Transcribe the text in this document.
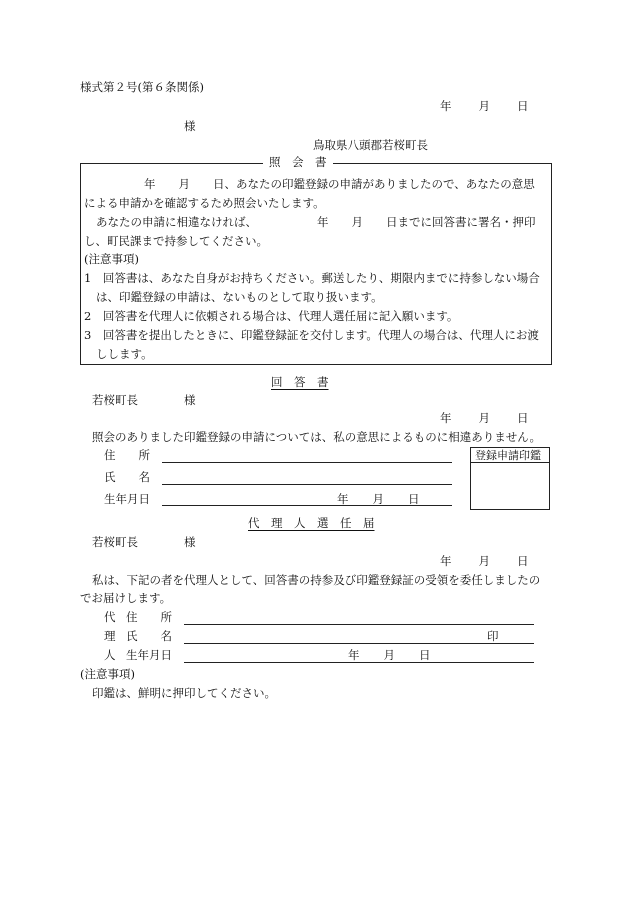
様式第２号(第６条関係)
年 月 日
様
鳥取県八頭郡若桜町長
照　会　書
年　　月　　日、あなたの印鑑登録の申請がありましたので、あなたの意思
による申請かを確認するため照会いたします。
あなたの申請に相違なければ、	年　　月　　日までに回答書に署名・押印
し、町民課まで持参してください。
(注意事項)
1　回答書は、あなた自身がお持ちください。郵送したり、期限内までに持参しない場合
は、印鑑登録の申請は、ないものとして取り扱います。
2　回答書を代理人に依頼される場合は、代理人選任届に記入願います。
3　回答書を提出したときに、印鑑登録証を交付します。代理人の場合は、代理人にお渡
しします。
回　答　書
若桜町長	様
年 月 日
照会のありました印鑑登録の申請については、私の意思によるものに相違ありません。
住　　所
氏　　名
生年月日	年 月 日
登録申請印鑑
代　理　人　選　任　届
若桜町長	様
年 月 日
私は、下記の者を代理人として、回答書の持参及び印鑑登録証の受領を委任しましたの
でお届けします。
代
理
人
住　　所
氏　　名	印
生年月日	年 月 日
(注意事項)
印鑑は、鮮明に押印してください。
